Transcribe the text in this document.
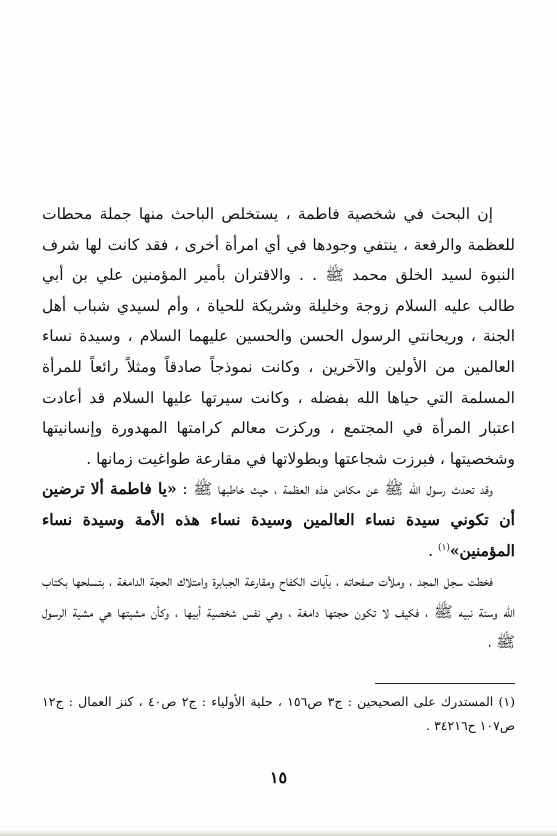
إن البحث في شخصية فاطمة ، يستخلص الباحث منها جملة محطات للعظمة والرفعة ، ينتفي وجودها في أي امرأة أخرى ، فقد كانت لها شرف النبوة لسيد الخلق محمد ﷺ . . والاقتران بأمير المؤمنين علي بن أبي طالب عليه السلام زوجة وخليلة وشريكة للحياة ، وأم لسيدي شباب أهل الجنة ، وريحانتي الرسول الحسن والحسين عليهما السلام ، وسيدة نساء العالمين من الأولين والآخرين ، وكانت نموذجاً صادقاً ومثلاً رائعاً للمرأة المسلمة التي حياها الله بفضله ، وكانت سيرتها عليها السلام قد أعادت اعتبار المرأة في المجتمع ، وركزت معالم كرامتها المهدورة وإنسانيتها وشخصيتها ، فبرزت شجاعتها وبطولاتها في مقارعة طواغيت زمانها .

وقد تحدث رسول الله ﷺ عن مكامن هذه العظمة ، حيث خاطبها ﷺ : «يا فاطمة ألا ترضين أن تكوني سيدة نساء العالمين وسيدة نساء هذه الأمة وسيدة نساء المؤمنين»$^{(١)}$ .

فخطت سجل المجد ، وملأت صفحاته ، بآيات الكفاح ومقارعة الجبابرة وامتلاك الحجة الدامغة ، بتسلحها بكتاب الله وسنة نبيه ﷺ ، فكيف لا تكون حجتها دامغة ، وهي نفس شخصية أبيها ، وكأن مشيتها هي مشية الرسول ﷺ ،

(١) المستدرك على الصحيحين : ج٣ ص١٥٦ ، حلية الأولياء : ج٢ ص٤٠ ، كنز العمال : ج١٢ ص١٠٧ ح٣٤٢١٦ .
١٥
